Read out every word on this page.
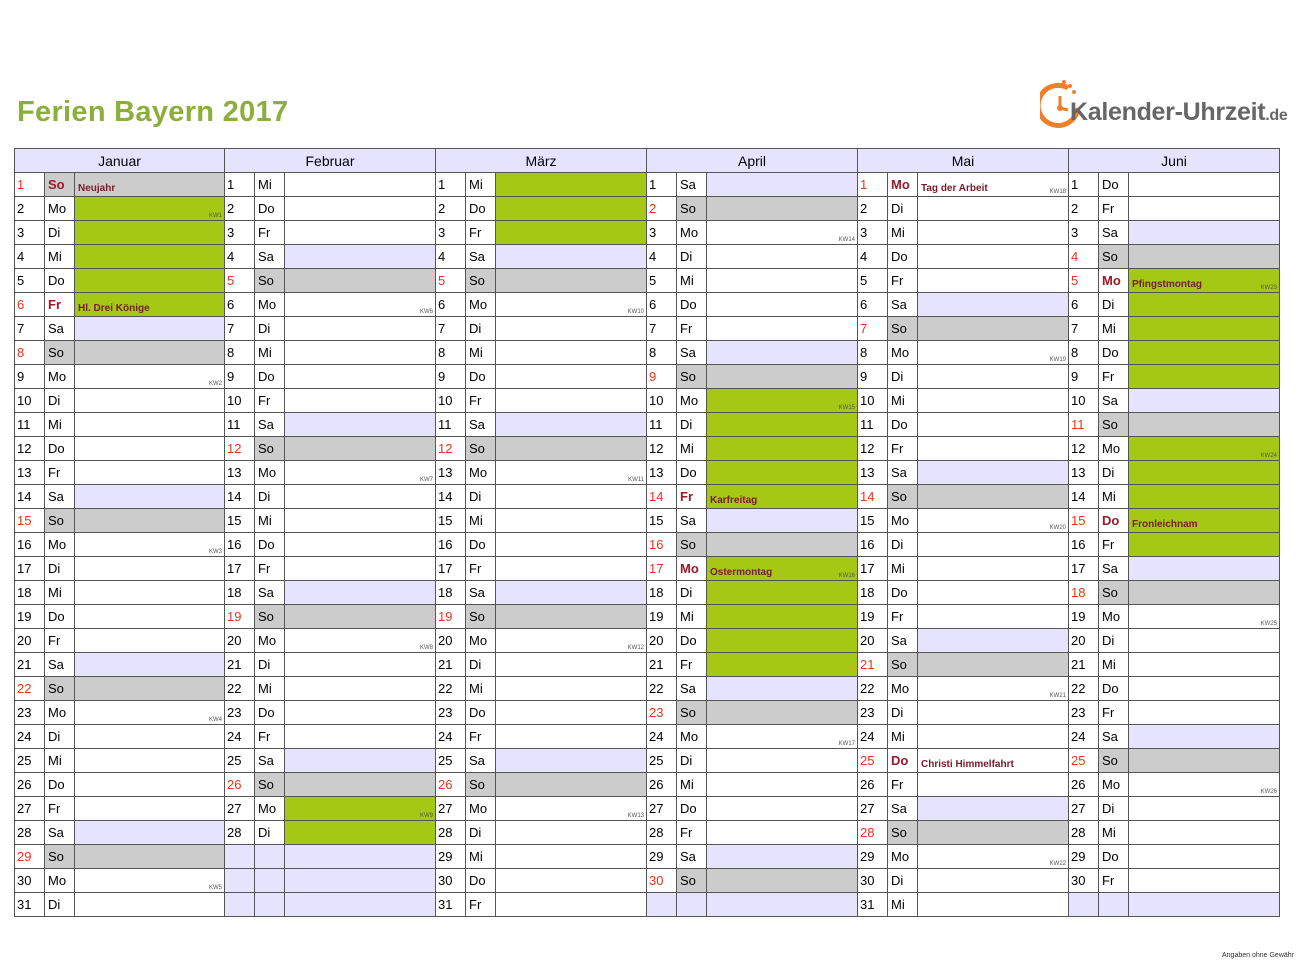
Ferien Bayern 2017	Kalender-Uhrzeit.de
Januar			Februar			März			April			Mai			Juni		
1	So	Neujahr	1	Mi		1	Mi		1	Sa		1	Mo	Tag der Arbeit KW18	1	Do	
2	Mo	KW1	2	Do		2	Do		2	So		2	Di		2	Fr	
3	Di		3	Fr		3	Fr		3	Mo	KW14	3	Mi		3	Sa	
4	Mi		4	Sa		4	Sa		4	Di		4	Do		4	So	
5	Do		5	So		5	So		5	Mi		5	Fr		5	Mo	Pfingstmontag KW23

6	Fr	Hl. Drei Könige	6	Mo	KW6	6	Mo	KW10	6	Do		6	Sa		6	Di	
7	Sa		7	Di		7	Di		7	Fr		7	So		7	Mi	
8	So		8	Mi		8	Mi		8	Sa		8	Mo	KW19	8	Do	
9	Mo	KW2	9	Do		9	Do		9	So		9	Di		9	Fr	
10	Di		10	Fr		10	Fr		10	Mo	KW15	10	Mi		10	Sa	
11	Mi		11	Sa		11	Sa		11	Di		11	Do		11	So	
12	Do		12	So		12	So		12	Mi		12	Fr		12	Mo	KW24

13	Fr		13	Mo	KW7	13	Mo	KW11	13	Do		13	Sa		13	Di	
14	Sa		14	Di		14	Di		14	Fr	Karfreitag	14	So		14	Mi	
15	So		15	Mi		15	Mi		15	Sa		15	Mo	KW20	15	Do	Fronleichnam
16	Mo	KW3	16	Do		16	Do		16	So		16	Di		16	Fr	
17	Di		17	Fr		17	Fr		17	Mo	Ostermontag KW16	17	Mi		17	Sa	
18	Mi		18	Sa		18	Sa		18	Di		18	Do		18	So	
19	Do		19	So		19	So		19	Mi		19	Fr		19	Mo	KW25

20	Fr		20	Mo	KW8	20	Mo	KW12	20	Do		20	Sa		20	Di	
21	Sa		21	Di		21	Di		21	Fr		21	So		21	Mi	
22	So		22	Mi		22	Mi		22	Sa		22	Mo	KW21	22	Do	
23	Mo	KW4	23	Do		23	Do		23	So		23	Di		23	Fr	
24	Di		24	Fr		24	Fr		24	Mo	KW17	24	Mi		24	Sa	
25	Mi		25	Sa		25	Sa		25	Di		25	Do	Christi Himmelfahrt	25	So	
26	Do		26	So		26	So		26	Mi		26	Fr		26	Mo	KW26

27	Fr		27	Mo	KW9	27	Mo	KW13	27	Do		27	Sa		27	Di	
28	Sa		28	Di		28	Di		28	Fr		28	So		28	Mi	
29	So					29	Mi		29	Sa		29	Mo	KW22	29	Do	
30	Mo	KW5				30	Do		30	So		30	Di		30	Fr	
31	Di					31	Fr					31	Mi				
Angaben ohne Gewähr
